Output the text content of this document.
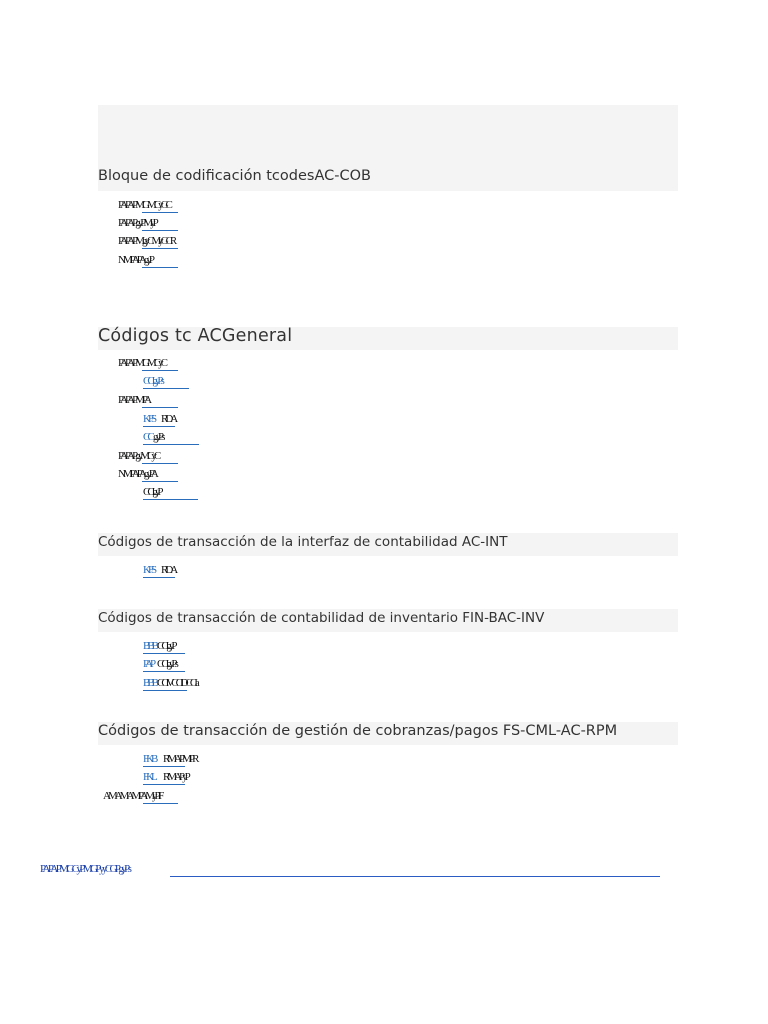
Bloque de codificación tcodesAC-COB
PAPAPMGMCyGC
PAPAPgyPMyP
PAPAPMgyCMyGCR
NMPAPAgyP
Códigos tc ACGeneral
PAPAPMGMCyC
CCIgyPs
PAPAPMPA
KFS RDA
CC gyPs
PAPAPgyMCyC
NMPAPAgyPA
CCIgyP
Códigos de transacción de la interfaz de contabilidad AC-INT
KFS RDA
Códigos de transacción de contabilidad de inventario FIN-BAC-INV
BBB CCIgyP
PAP CCIgyPs
BBB CCIVCCIDCCIa
Códigos de transacción de gestión de cobranzas/pagos FS-CML-AC-RPM
FKB RMAPMPR
FKL RMAPyP
AMAMAMPAMyPIF
PAPAPMGCyPMGPyyCGPgyPs
